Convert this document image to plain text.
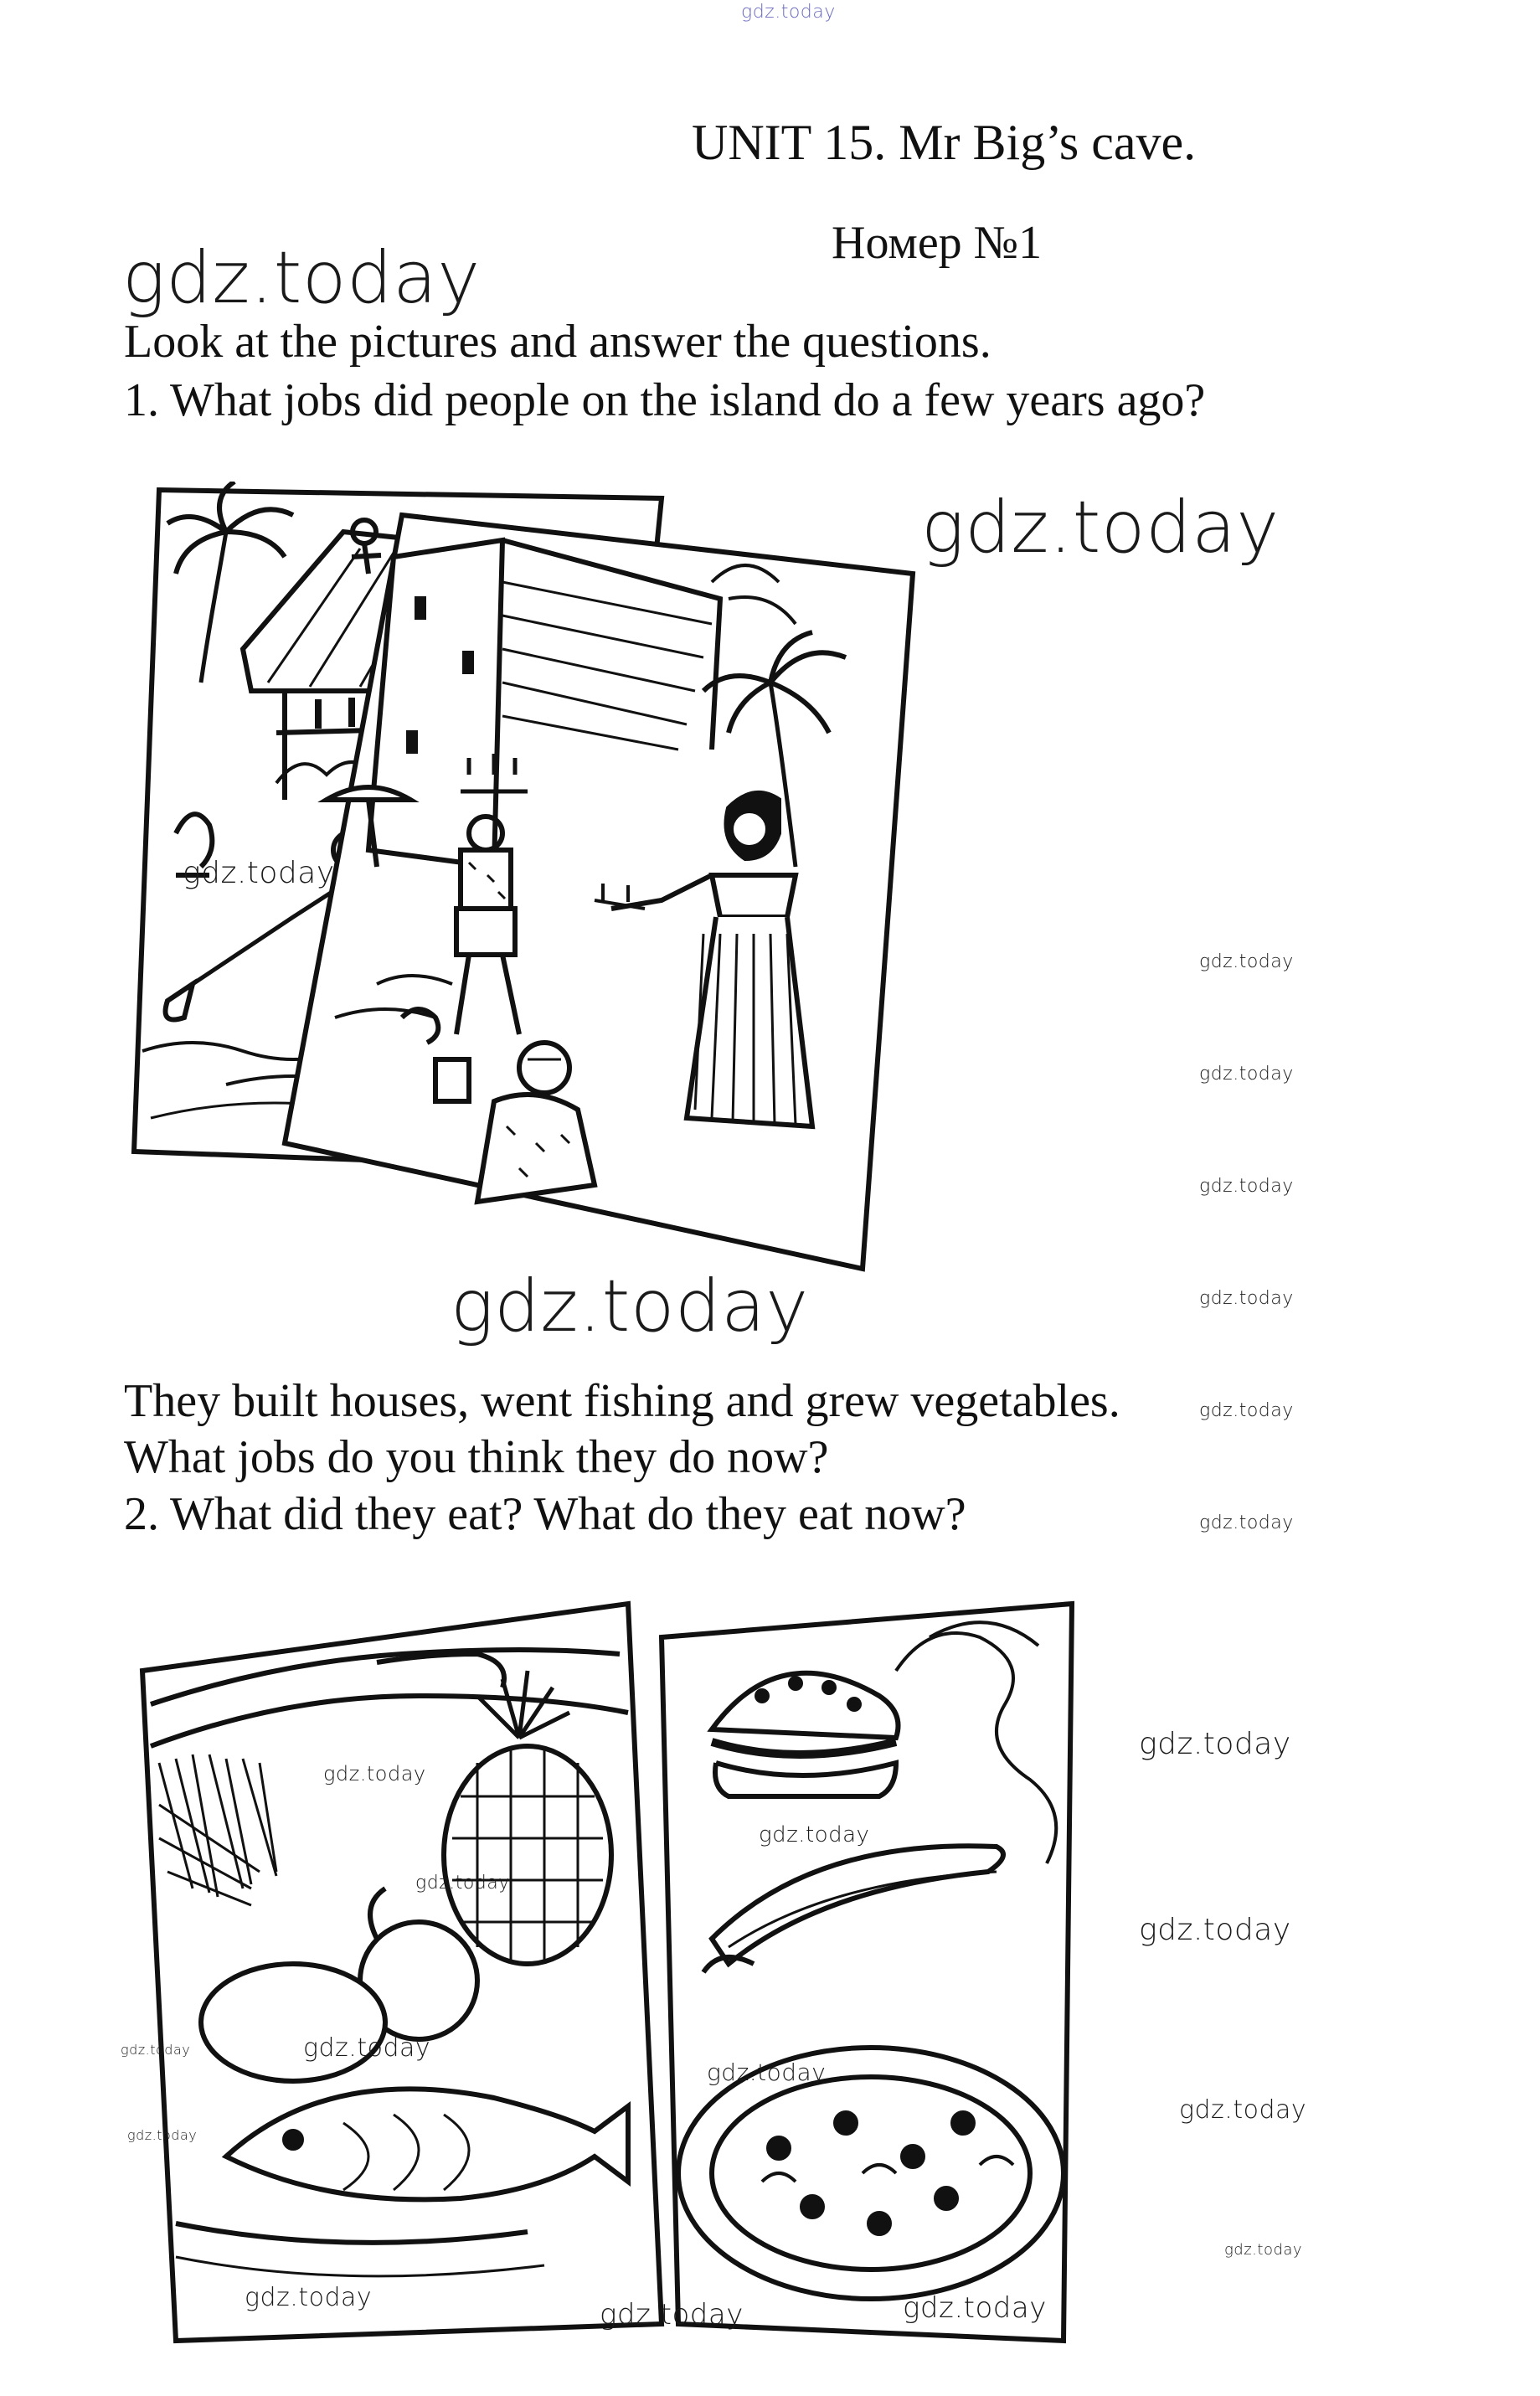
gdz.today
UNIT 15. Mr Big’s cave.
Номер №1
gdz.today
Look at the pictures and answer the questions.
1. What jobs did people on the island do a few years ago?
gdz.today
gdz.today
gdz.today
gdz.today
gdz.today
gdz.today
gdz.today
gdz.today
gdz.today
They built houses, went fishing and grew vegetables.
What jobs do you think they do now?
2. What did they eat? What do they eat now?
gdz.today
gdz.today
gdz.today
gdz.today
gdz.today
gdz.today
gdz.today
gdz.today
gdz.today
gdz.today
gdz.today
gdz.today
gdz.today	gdz.today
